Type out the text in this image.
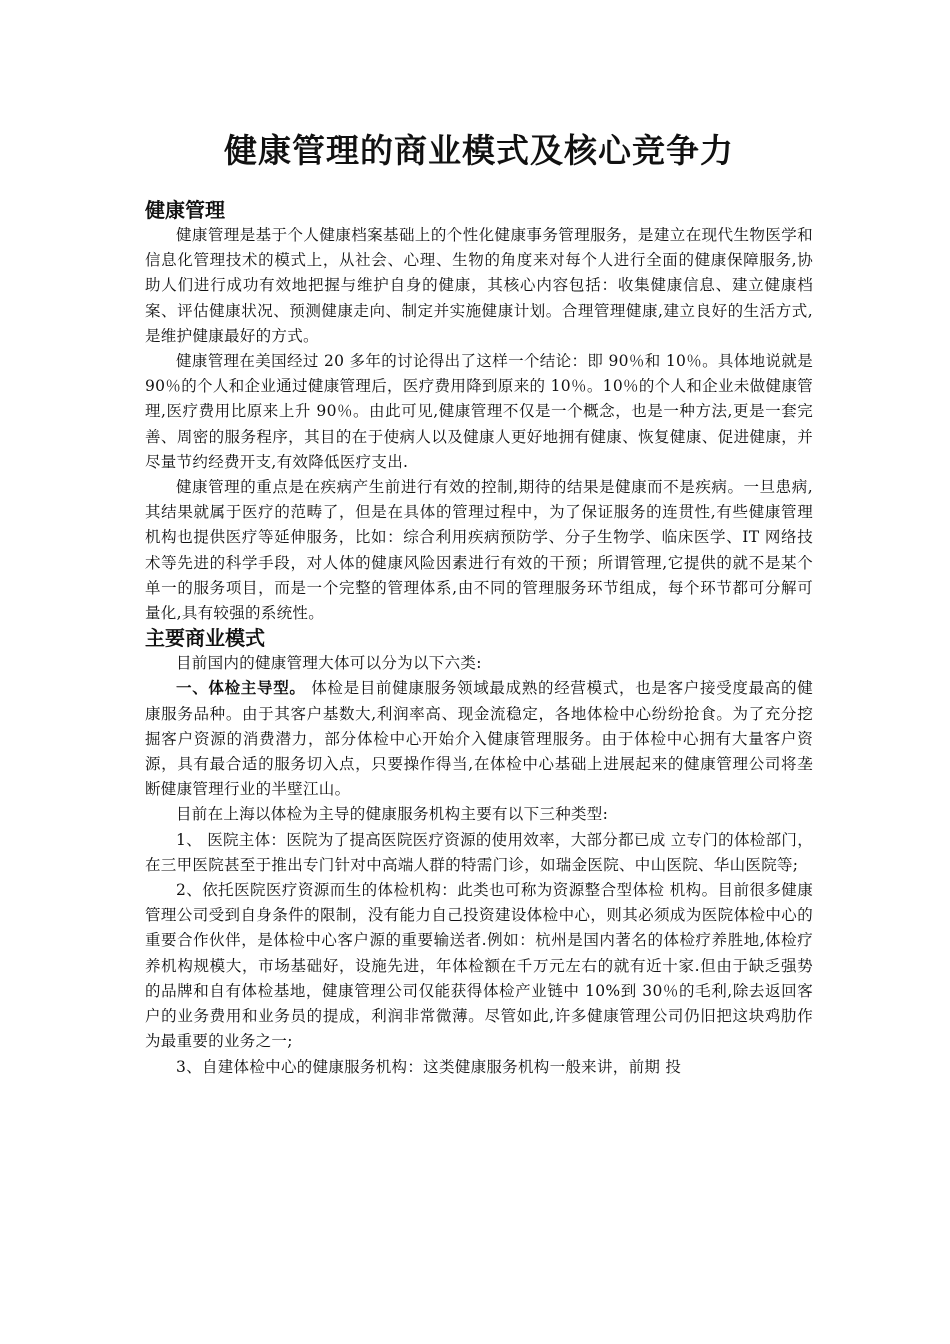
健康管理的商业模式及核心竞争力
健康管理

健康管理是基于个人健康档案基础上的个性化健康事务管理服务，是建立在现代生物医学和信息化管理技术的模式上，从社会、心理、生物的角度来对每个人进行全面的健康保障服务,协助人们进行成功有效地把握与维护自身的健康，其核心内容包括：收集健康信息、建立健康档案、评估健康状况、预测健康走向、制定并实施健康计划。合理管理健康,建立良好的生活方式,是维护健康最好的方式。

健康管理在美国经过 20 多年的讨论得出了这样一个结论：即 90％和 10％。具体地说就是 90％的个人和企业通过健康管理后，医疗费用降到原来的 10％。10％的个人和企业未做健康管理,医疗费用比原来上升 90％。由此可见,健康管理不仅是一个概念，也是一种方法,更是一套完善、周密的服务程序，其目的在于使病人以及健康人更好地拥有健康、恢复健康、促进健康，并尽量节约经费开支,有效降低医疗支出.

健康管理的重点是在疾病产生前进行有效的控制,期待的结果是健康而不是疾病。一旦患病,其结果就属于医疗的范畴了，但是在具体的管理过程中，为了保证服务的连贯性,有些健康管理机构也提供医疗等延伸服务，比如：综合利用疾病预防学、分子生物学、临床医学、IT 网络技术等先进的科学手段，对人体的健康风险因素进行有效的干预；所谓管理,它提供的就不是某个单一的服务项目，而是一个完整的管理体系,由不同的管理服务环节组成，每个环节都可分解可量化,具有较强的系统性。

主要商业模式

目前国内的健康管理大体可以分为以下六类:

一、体检主导型。 体检是目前健康服务领域最成熟的经营模式，也是客户接受度最高的健康服务品种。由于其客户基数大,利润率高、现金流稳定，各地体检中心纷纷抢食。为了充分挖掘客户资源的消费潜力，部分体检中心开始介入健康管理服务。由于体检中心拥有大量客户资源，具有最合适的服务切入点，只要操作得当,在体检中心基础上进展起来的健康管理公司将垄断健康管理行业的半壁江山。

目前在上海以体检为主导的健康服务机构主要有以下三种类型:

1、 医院主体：医院为了提高医院医疗资源的使用效率，大部分都已成 立专门的体检部门，在三甲医院甚至于推出专门针对中高端人群的特需门诊，如瑞金医院、中山医院、华山医院等;

2、依托医院医疗资源而生的体检机构：此类也可称为资源整合型体检 机构。目前很多健康管理公司受到自身条件的限制，没有能力自己投资建设体检中心，则其必须成为医院体检中心的重要合作伙伴，是体检中心客户源的重要输送者.例如：杭州是国内著名的体检疗养胜地,体检疗养机构规模大，市场基础好，设施先进，年体检额在千万元左右的就有近十家.但由于缺乏强势的品牌和自有体检基地，健康管理公司仅能获得体检产业链中 10%到 30％的毛利,除去返回客户的业务费用和业务员的提成，利润非常微薄。尽管如此,许多健康管理公司仍旧把这块鸡肋作为最重要的业务之一;

3、自建体检中心的健康服务机构：这类健康服务机构一般来讲，前期 投
